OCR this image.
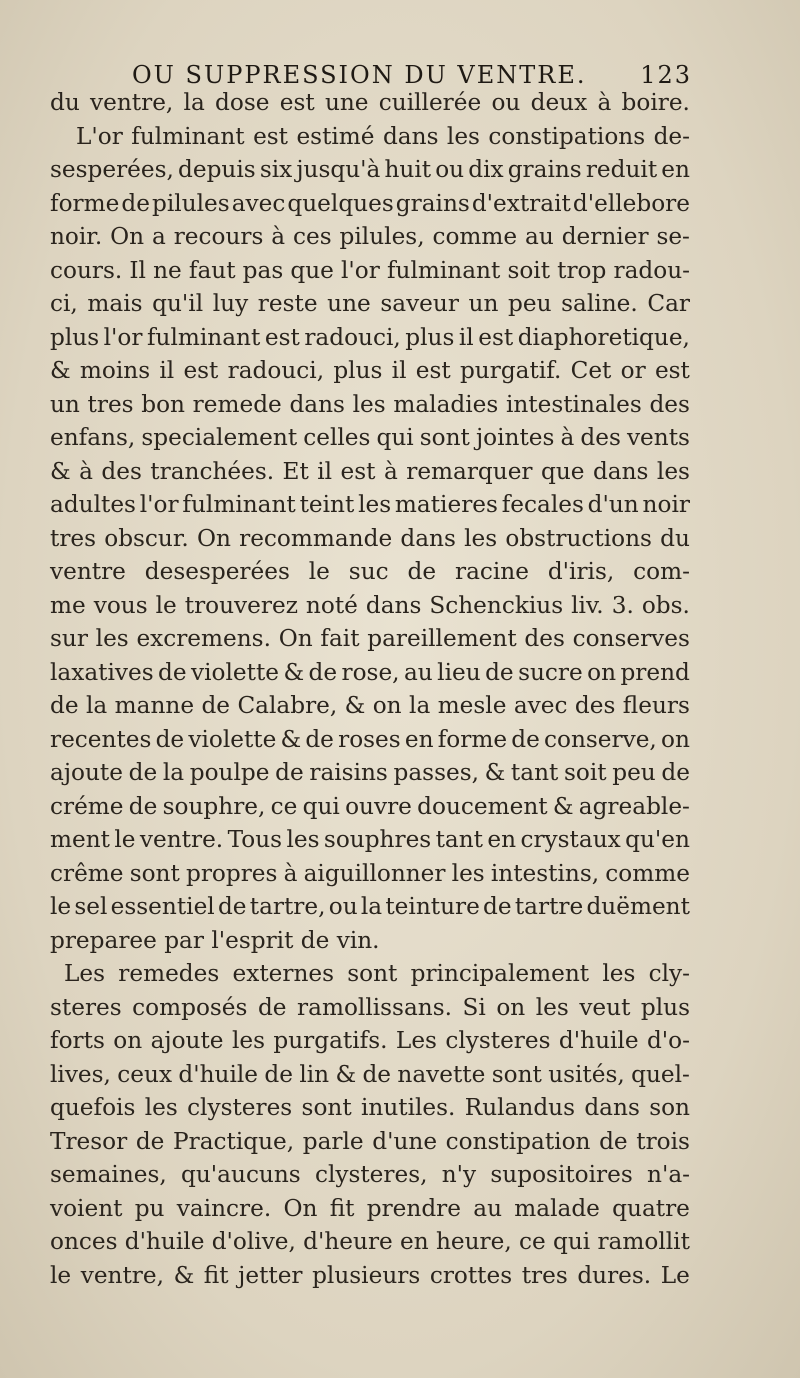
OU SUPPRESSION DU VENTRE. 123
du ventre, la dose est une cuillerée ou deux à boire.
L'or fulminant est estimé dans les constipations de-
sesperées, depuis six jusqu'à huit ou dix grains reduit en
forme de pilules avec quelques grains d'extrait d'ellebore
noir. On a recours à ces pilules, comme au dernier se-
cours. Il ne faut pas que l'or fulminant soit trop radou-
ci, mais qu'il luy reste une saveur un peu saline. Car
plus l'or fulminant est radouci, plus il est diaphoretique,
& moins il est radouci, plus il est purgatif. Cet or est
un tres bon remede dans les maladies intestinales des
enfans, specialement celles qui sont jointes à des vents
& à des tranchées. Et il est à remarquer que dans les
adultes l'or fulminant teint les matieres fecales d'un noir
tres obscur. On recommande dans les obstructions du
ventre desesperées le suc de racine d'iris, com-
me vous le trouverez noté dans Schenckius liv. 3. obs.
sur les excremens. On fait pareillement des conserves
laxatives de violette & de rose, au lieu de sucre on prend
de la manne de Calabre, & on la mesle avec des fleurs
recentes de violette & de roses en forme de conserve, on
ajoute de la poulpe de raisins passes, & tant soit peu de
créme de souphre, ce qui ouvre doucement & agreable-
ment le ventre. Tous les souphres tant en crystaux qu'en
crême sont propres à aiguillonner les intestins, comme
le sel essentiel de tartre, ou la teinture de tartre duëment
preparee par l'esprit de vin.
Les remedes externes sont principalement les cly-
steres composés de ramollissans. Si on les veut plus
forts on ajoute les purgatifs. Les clysteres d'huile d'o-
lives, ceux d'huile de lin & de navette sont usités, quel-
quefois les clysteres sont inutiles. Rulandus dans son
Tresor de Practique, parle d'une constipation de trois
semaines, qu'aucuns clysteres, n'y supositoires n'a-
voient pu vaincre. On fit prendre au malade quatre
onces d'huile d'olive, d'heure en heure, ce qui ramollit
le ventre, & fit jetter plusieurs crottes tres dures. Le
